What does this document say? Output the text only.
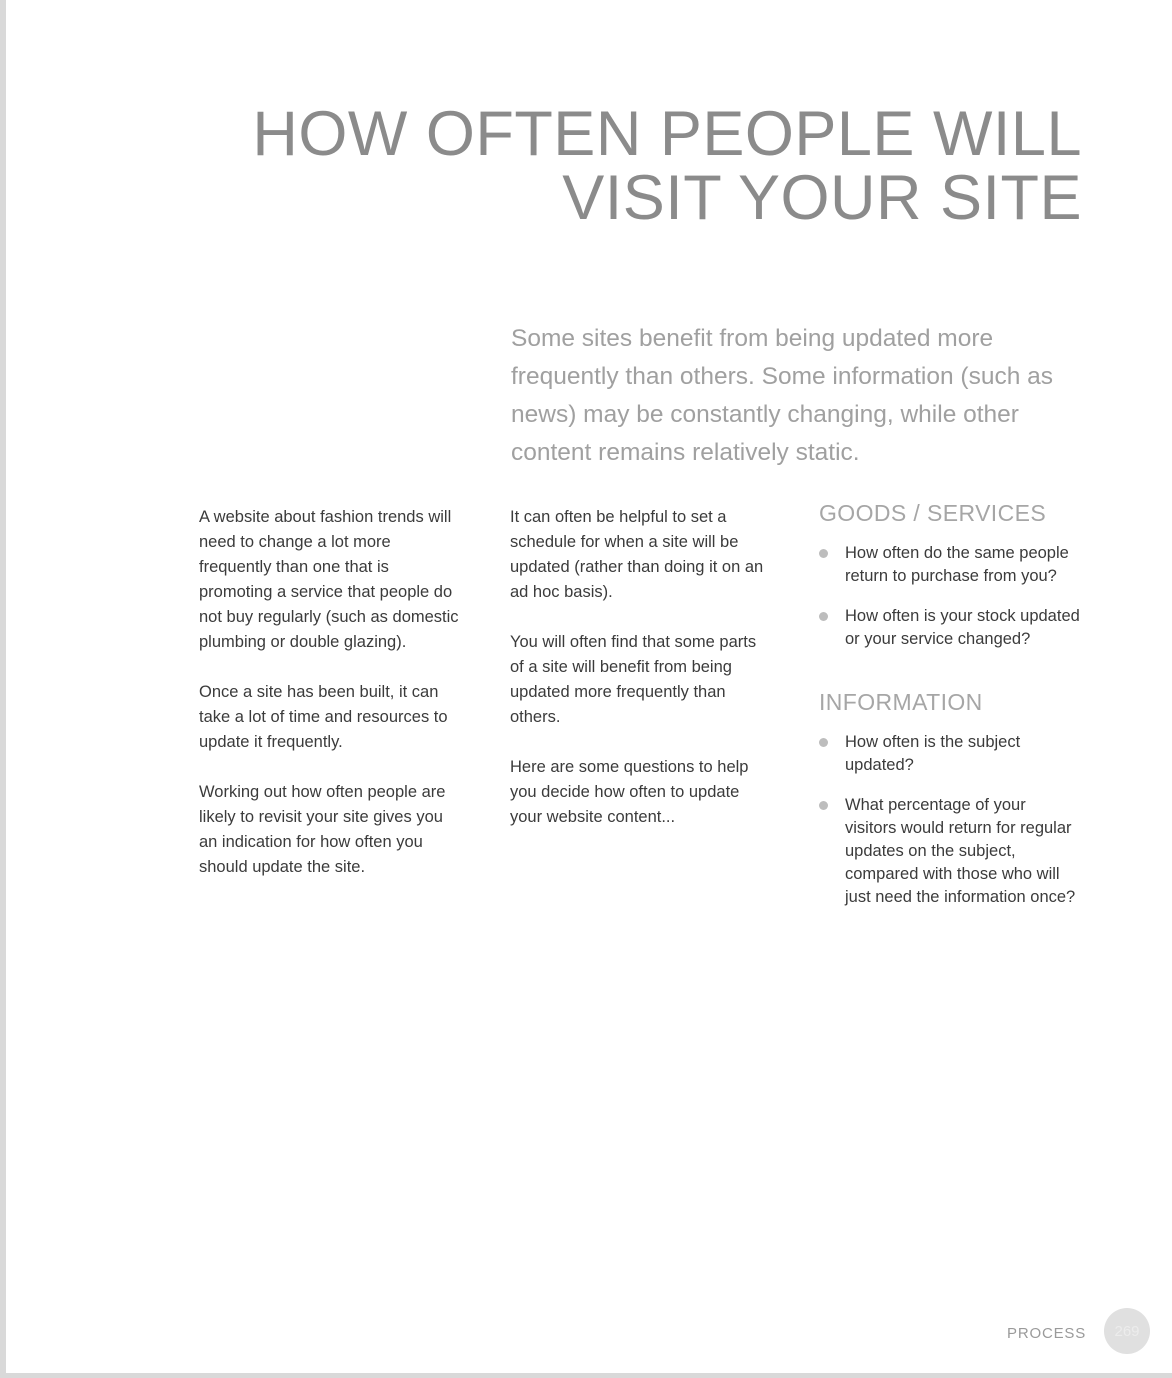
HOW OFTEN PEOPLE WILL
VISIT YOUR SITE
Some sites benefit from being updated more frequently than others. Some information (such as news) may be constantly changing, while other content remains relatively static.

A website about fashion trends will need to change a lot more frequently than one that is promoting a service that people do not buy regularly (such as domestic plumbing or double glazing).

Once a site has been built, it can take a lot of time and resources to update it frequently.

Working out how often people are likely to revisit your site gives you an indication for how often you should update the site.

It can often be helpful to set a schedule for when a site will be updated (rather than doing it on an ad hoc basis).

You will often find that some parts of a site will benefit from being updated more frequently than others.

Here are some questions to help you decide how often to update your website content...

GOODS / SERVICES
How often do the same people return to purchase from you?
How often is your stock updated or your service changed?
INFORMATION
How often is the subject updated?
What percentage of your visitors would return for regular updates on the subject, compared with those who will just need the information once?
PROCESS	269
